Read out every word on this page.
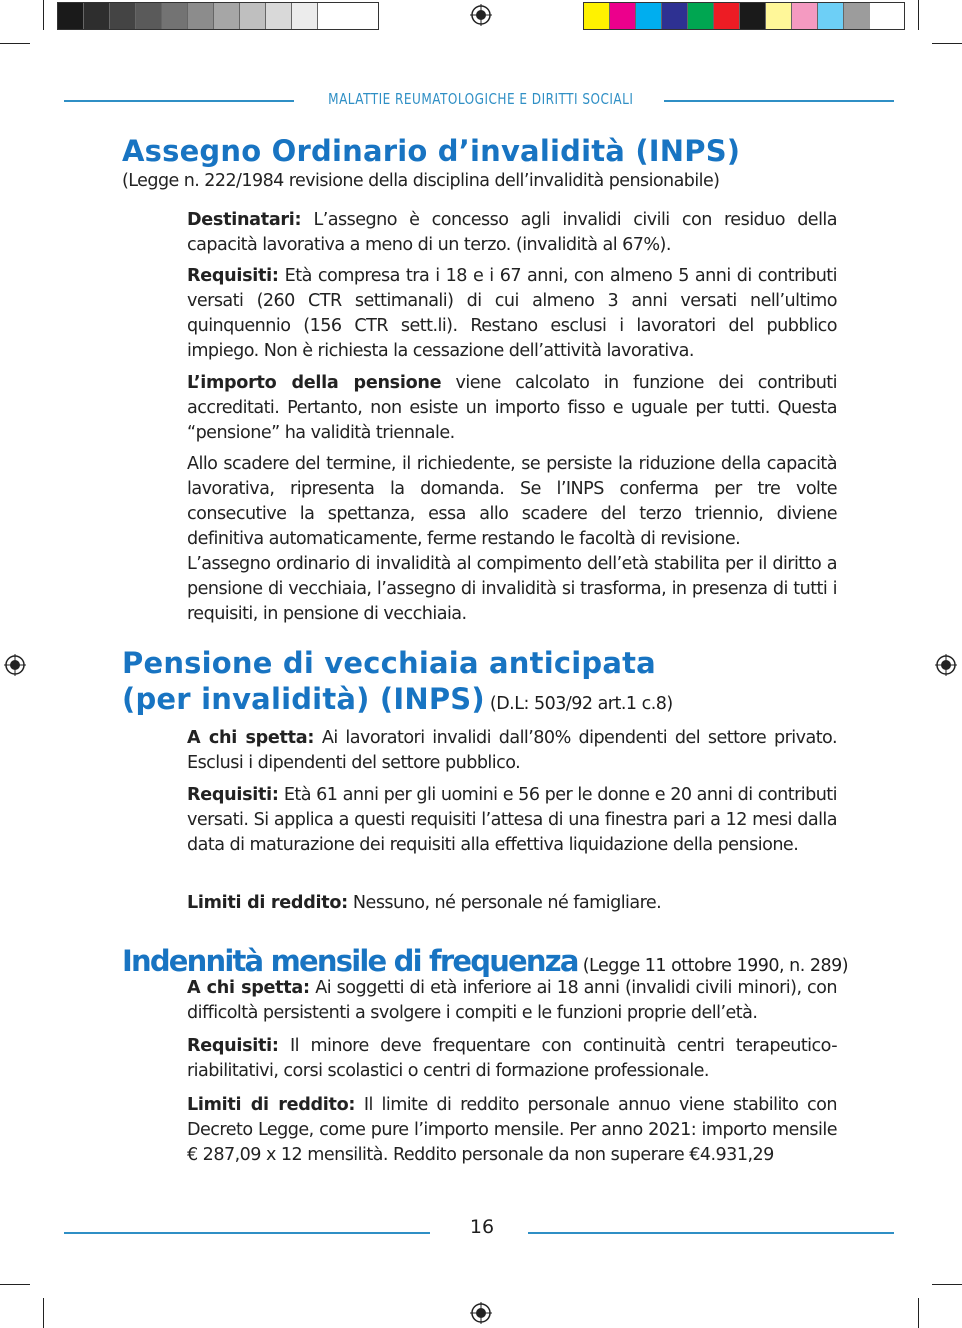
MALATTIE REUMATOLOGICHE E DIRITTI SOCIALI
Assegno Ordinario d’invalidità (INPS)
(Legge n. 222/1984 revisione della disciplina dell’invalidità pensionabile)
Destinatari: L’assegno è concesso agli invalidi civili con residuo della capacità lavorativa a meno di un terzo. (invalidità al 67%).
Requisiti: Età compresa tra i 18 e i 67 anni, con almeno 5 anni di contributi versati (260 CTR settimanali) di cui almeno 3 anni versati nell’ultimo quinquennio (156 CTR sett.li). Restano esclusi i lavoratori del pubblico impiego. Non è richiesta la cessazione dell’attività lavorativa.
L’importo della pensione viene calcolato in funzione dei contributi accreditati. Pertanto, non esiste un importo fisso e uguale per tutti. Questa “pensione” ha validità triennale.
Allo scadere del termine, il richiedente, se persiste la riduzione della capacità lavorativa, ripresenta la domanda. Se l’INPS conferma per tre volte consecutive la spettanza, essa allo scadere del terzo triennio, diviene definitiva automaticamente, ferme restando le facoltà di revisione.
L’assegno ordinario di invalidità al compimento dell’età stabilita per il diritto a pensione di vecchiaia, l’assegno di invalidità si trasforma, in presenza di tutti i requisiti, in pensione di vecchiaia.
Pensione di vecchiaia anticipata
(per invalidità) (INPS) (D.L: 503/92 art.1 c.8)
A chi spetta: Ai lavoratori invalidi dall’80% dipendenti del settore privato. Esclusi i dipendenti del settore pubblico.
Requisiti: Età 61 anni per gli uomini e 56 per le donne e 20 anni di contributi versati. Si applica a questi requisiti l’attesa di una finestra pari a 12 mesi dalla data di maturazione dei requisiti alla effettiva liquidazione della pensione.
Limiti di reddito: Nessuno, né personale né famigliare.
Indennità mensile di frequenza (Legge 11 ottobre 1990, n. 289)
A chi spetta: Ai soggetti di età inferiore ai 18 anni (invalidi civili minori), con difficoltà persistenti a svolgere i compiti e le funzioni proprie dell’età.
Requisiti: Il minore deve frequentare con continuità centri terapeutico-riabilitativi, corsi scolastici o centri di formazione professionale.
Limiti di reddito: Il limite di reddito personale annuo viene stabilito con Decreto Legge, come pure l’importo mensile. Per anno 2021: importo mensile € 287,09 x 12 mensilità. Reddito personale da non superare €4.931,29
16
